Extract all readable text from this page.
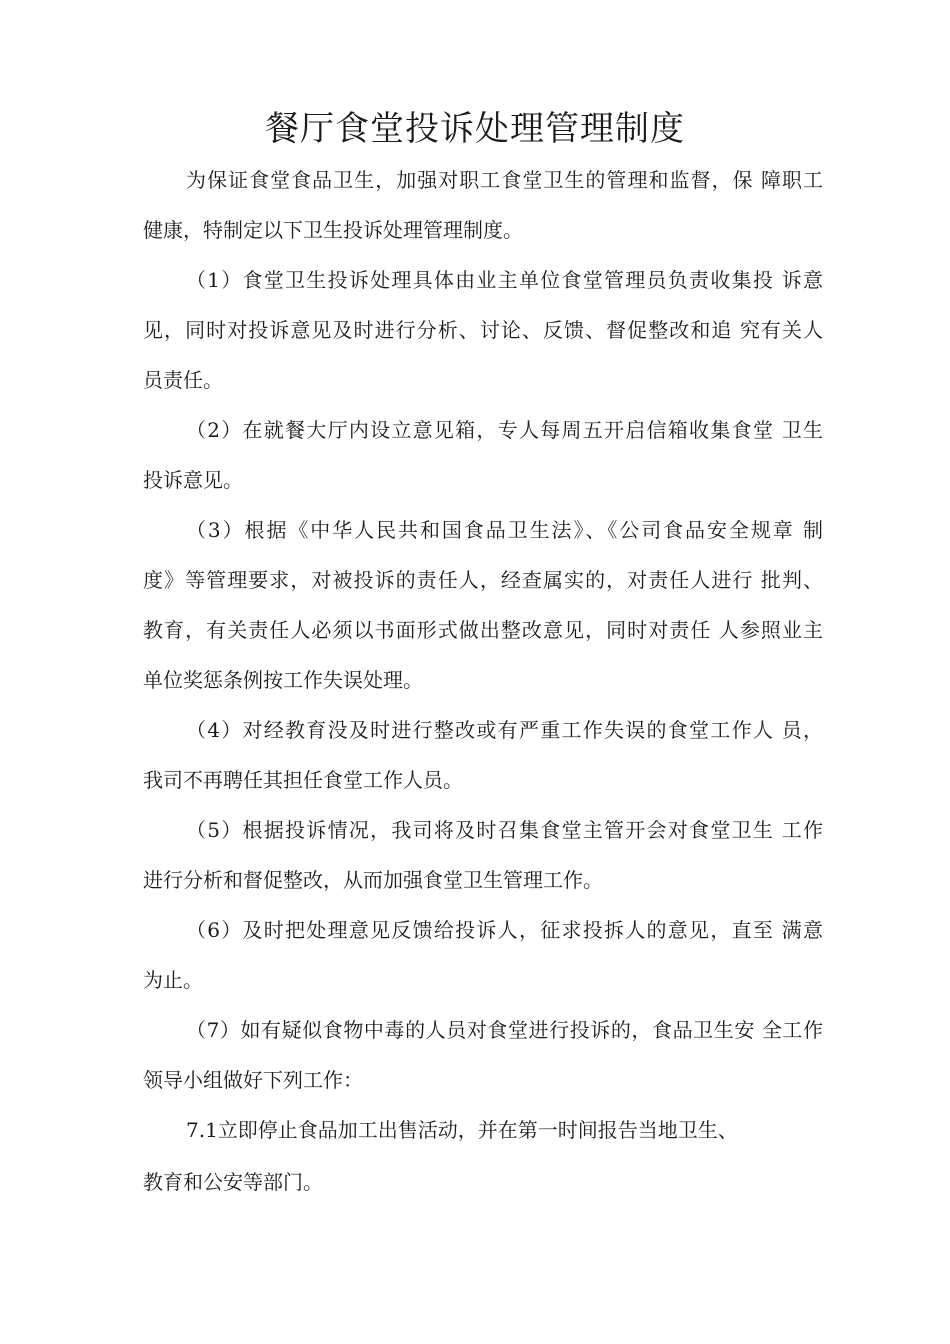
餐厅食堂投诉处理管理制度
为保证食堂食品卫生，加强对职工食堂卫生的管理和监督，保 障职工
健康，特制定以下卫生投诉处理管理制度。
（1）食堂卫生投诉处理具体由业主单位食堂管理员负责收集投 诉意
见，同时对投诉意见及时进行分析、讨论、反馈、督促整改和追 究有关人
员责任。
（2）在就餐大厅内设立意见箱，专人每周五开启信箱收集食堂 卫生
投诉意见。
（3）根据《中华人民共和国食品卫生法》、《公司食品安全规章 制
度》等管理要求，对被投诉的责任人，经查属实的，对责任人进行 批判、
教育，有关责任人必须以书面形式做出整改意见，同时对责任 人参照业主
单位奖惩条例按工作失误处理。
（4）对经教育没及时进行整改或有严重工作失误的食堂工作人 员，
我司不再聘任其担任食堂工作人员。
（5）根据投诉情况，我司将及时召集食堂主管开会对食堂卫生 工作
进行分析和督促整改，从而加强食堂卫生管理工作。
（6）及时把处理意见反馈给投诉人，征求投拆人的意见，直至 满意
为止。
（7）如有疑似食物中毒的人员对食堂进行投诉的，食品卫生安 全工作
领导小组做好下列工作：
7.1立即停止食品加工出售活动，并在第一时间报告当地卫生、
教育和公安等部门。
